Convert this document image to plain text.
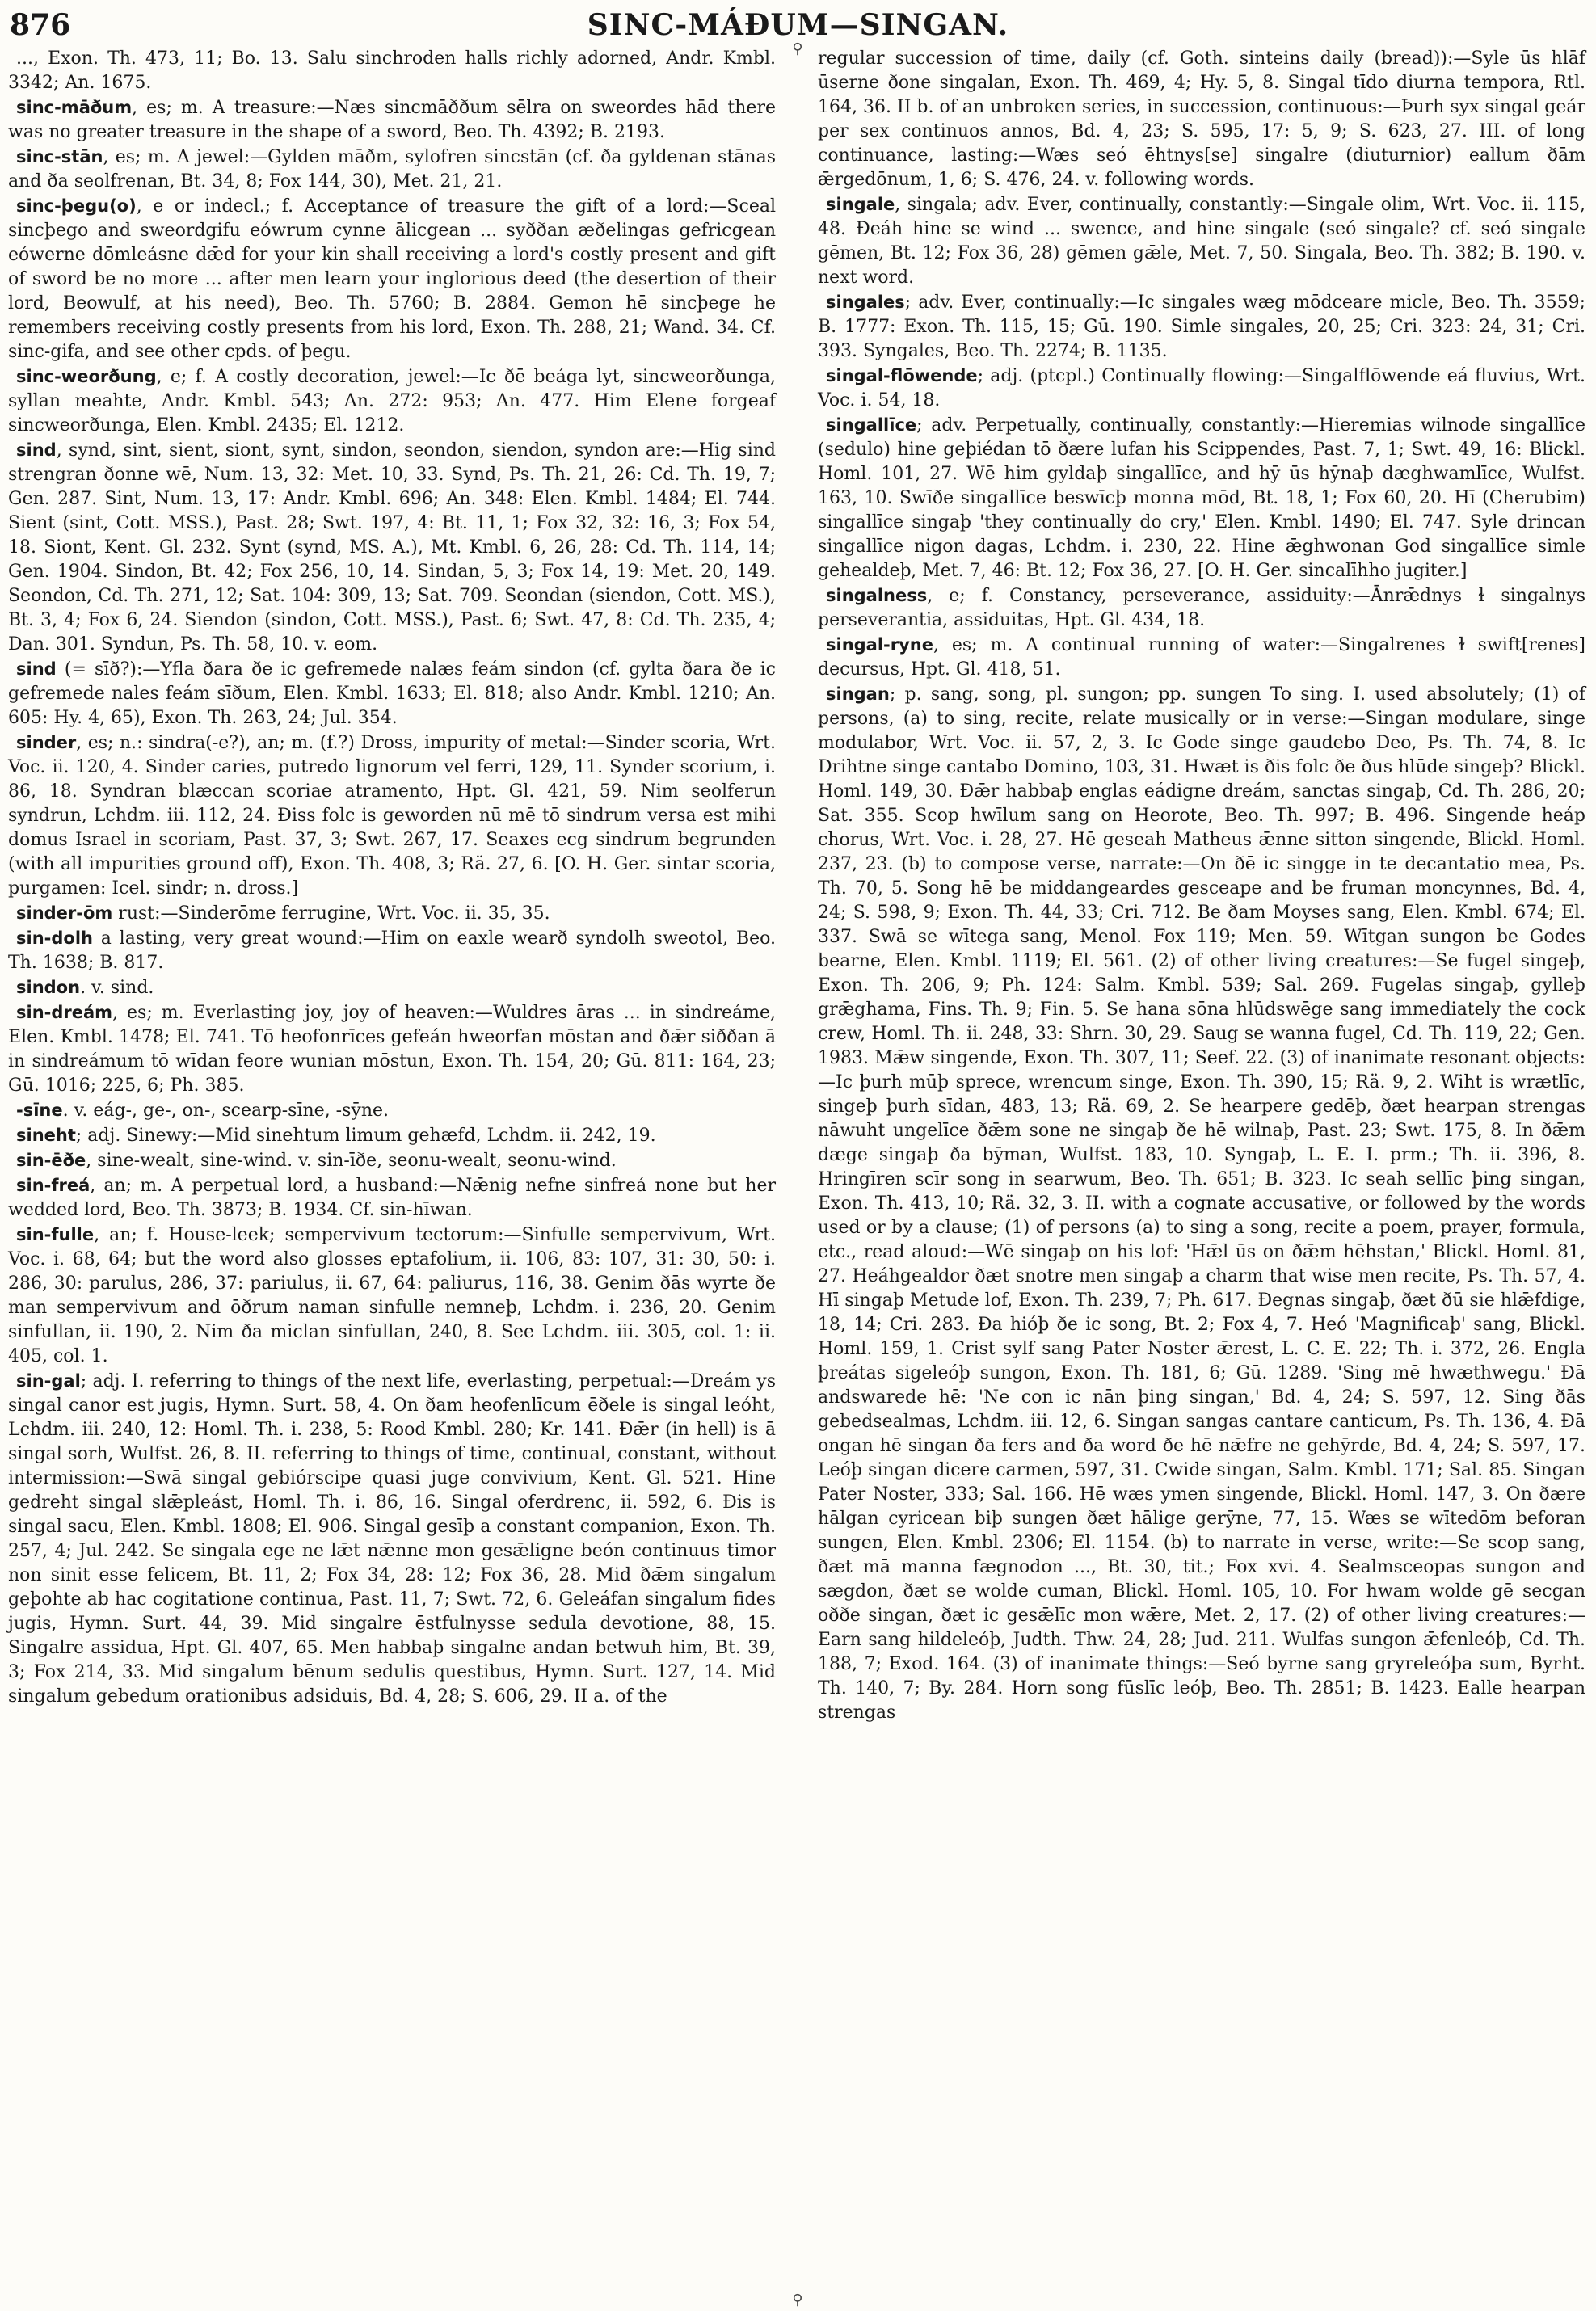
876	SINC-MÁÐUM—SINGAN.

..., Exon. Th. 473, 11; Bo. 13. Salu sinchroden halls richly adorned, Andr. Kmbl. 3342; An. 1675.

sinc-māðum, es; m. A treasure:—Næs sincmāððum sēlra on sweordes hād there was no greater treasure in the shape of a sword, Beo. Th. 4392; B. 2193.

sinc-stān, es; m. A jewel:—Gylden māðm, sylofren sincstān (cf. ða gyldenan stānas and ða seolfrenan, Bt. 34, 8; Fox 144, 30), Met. 21, 21.

sinc-þegu(o), e or indecl.; f. Acceptance of treasure the gift of a lord:—Sceal sincþego and sweordgifu eówrum cynne ālicgean ... syððan æðelingas gefricgean eówerne dōmleásne dǣd for your kin shall receiving a lord's costly present and gift of sword be no more ... after men learn your inglorious deed (the desertion of their lord, Beowulf, at his need), Beo. Th. 5760; B. 2884. Gemon hē sincþege he remembers receiving costly presents from his lord, Exon. Th. 288, 21; Wand. 34. Cf. sinc-gifa, and see other cpds. of þegu.

sinc-weorðung, e; f. A costly decoration, jewel:—Ic ðē beága lyt, sincweorðunga, syllan meahte, Andr. Kmbl. 543; An. 272: 953; An. 477. Him Elene forgeaf sincweorðunga, Elen. Kmbl. 2435; El. 1212.

sind, synd, sint, sient, siont, synt, sindon, seondon, siendon, syndon are:—Hig sind strengran ðonne wē, Num. 13, 32: Met. 10, 33. Synd, Ps. Th. 21, 26: Cd. Th. 19, 7; Gen. 287. Sint, Num. 13, 17: Andr. Kmbl. 696; An. 348: Elen. Kmbl. 1484; El. 744. Sient (sint, Cott. MSS.), Past. 28; Swt. 197, 4: Bt. 11, 1; Fox 32, 32: 16, 3; Fox 54, 18. Siont, Kent. Gl. 232. Synt (synd, MS. A.), Mt. Kmbl. 6, 26, 28: Cd. Th. 114, 14; Gen. 1904. Sindon, Bt. 42; Fox 256, 10, 14. Sindan, 5, 3; Fox 14, 19: Met. 20, 149. Seondon, Cd. Th. 271, 12; Sat. 104: 309, 13; Sat. 709. Seondan (siendon, Cott. MS.), Bt. 3, 4; Fox 6, 24. Siendon (sindon, Cott. MSS.), Past. 6; Swt. 47, 8: Cd. Th. 235, 4; Dan. 301. Syndun, Ps. Th. 58, 10. v. eom.

sind (= sīð?):—Yfla ðara ðe ic gefremede nalæs feám sindon (cf. gylta ðara ðe ic gefremede nales feám sīðum, Elen. Kmbl. 1633; El. 818; also Andr. Kmbl. 1210; An. 605: Hy. 4, 65), Exon. Th. 263, 24; Jul. 354.

sinder, es; n.: sindra(-e?), an; m. (f.?) Dross, impurity of metal:—Sinder scoria, Wrt. Voc. ii. 120, 4. Sinder caries, putredo lignorum vel ferri, 129, 11. Synder scorium, i. 86, 18. Syndran blæccan scoriae atramento, Hpt. Gl. 421, 59. Nim seolferun syndrun, Lchdm. iii. 112, 24. Ðiss folc is geworden nū mē tō sindrum versa est mihi domus Israel in scoriam, Past. 37, 3; Swt. 267, 17. Seaxes ecg sindrum begrunden (with all impurities ground off), Exon. Th. 408, 3; Rä. 27, 6. [O. H. Ger. sintar scoria, purgamen: Icel. sindr; n. dross.]

sinder-ōm rust:—Sinderōme ferrugine, Wrt. Voc. ii. 35, 35.

sin-dolh a lasting, very great wound:—Him on eaxle wearð syndolh sweotol, Beo. Th. 1638; B. 817.

sindon. v. sind.

sin-dreám, es; m. Everlasting joy, joy of heaven:—Wuldres āras ... in sindreáme, Elen. Kmbl. 1478; El. 741. Tō heofonrīces gefeán hweorfan mōstan and ðǣr siððan ā in sindreámum tō wīdan feore wunian mōstun, Exon. Th. 154, 20; Gū. 811: 164, 23; Gū. 1016; 225, 6; Ph. 385.

-sīne. v. eág-, ge-, on-, scearp-sīne, -sȳne.

sineht; adj. Sinewy:—Mid sinehtum limum gehæfd, Lchdm. ii. 242, 19.

sin-ēðe, sine-wealt, sine-wind. v. sin-īðe, seonu-wealt, seonu-wind.

sin-freá, an; m. A perpetual lord, a husband:—Nǣnig nefne sinfreá none but her wedded lord, Beo. Th. 3873; B. 1934. Cf. sin-hīwan.

sin-fulle, an; f. House-leek; sempervivum tectorum:—Sinfulle sempervivum, Wrt. Voc. i. 68, 64; but the word also glosses eptafolium, ii. 106, 83: 107, 31: 30, 50: i. 286, 30: parulus, 286, 37: pariulus, ii. 67, 64: paliurus, 116, 38. Genim ðās wyrte ðe man sempervivum and ōðrum naman sinfulle nemneþ, Lchdm. i. 236, 20. Genim sinfullan, ii. 190, 2. Nim ða miclan sinfullan, 240, 8. See Lchdm. iii. 305, col. 1: ii. 405, col. 1.

sin-gal; adj. I. referring to things of the next life, everlasting, perpetual:—Dreám ys singal canor est jugis, Hymn. Surt. 58, 4. On ðam heofenlīcum ēðele is singal leóht, Lchdm. iii. 240, 12: Homl. Th. i. 238, 5: Rood Kmbl. 280; Kr. 141. Ðǣr (in hell) is ā singal sorh, Wulfst. 26, 8. II. referring to things of time, continual, constant, without intermission:—Swā singal gebiórscipe quasi juge convivium, Kent. Gl. 521. Hine gedreht singal slǣpleást, Homl. Th. i. 86, 16. Singal oferdrenc, ii. 592, 6. Ðis is singal sacu, Elen. Kmbl. 1808; El. 906. Singal gesīþ a constant companion, Exon. Th. 257, 4; Jul. 242. Se singala ege ne lǣt nǣnne mon gesǣligne beón continuus timor non sinit esse felicem, Bt. 11, 2; Fox 34, 28: 12; Fox 36, 28. Mid ðǣm singalum geþohte ab hac cogitatione continua, Past. 11, 7; Swt. 72, 6. Geleáfan singalum fides jugis, Hymn. Surt. 44, 39. Mid singalre ēstfulnysse sedula devotione, 88, 15. Singalre assidua, Hpt. Gl. 407, 65. Men habbaþ singalne andan betwuh him, Bt. 39, 3; Fox 214, 33. Mid singalum bēnum sedulis questibus, Hymn. Surt. 127, 14. Mid singalum gebedum orationibus adsiduis, Bd. 4, 28; S. 606, 29. II a. of the

⚲
⚲

regular succession of time, daily (cf. Goth. sinteins daily (bread)):—Syle ūs hlāf ūserne ðone singalan, Exon. Th. 469, 4; Hy. 5, 8. Singal tīdo diurna tempora, Rtl. 164, 36. II b. of an unbroken series, in succession, continuous:—Þurh syx singal geár per sex continuos annos, Bd. 4, 23; S. 595, 17: 5, 9; S. 623, 27. III. of long continuance, lasting:—Wæs seó ēhtnys[se] singalre (diuturnior) eallum ðām ǣrgedōnum, 1, 6; S. 476, 24. v. following words.

singale, singala; adv. Ever, continually, constantly:—Singale olim, Wrt. Voc. ii. 115, 48. Ðeáh hine se wind ... swence, and hine singale (seó singale? cf. seó singale gēmen, Bt. 12; Fox 36, 28) gēmen gǣle, Met. 7, 50. Singala, Beo. Th. 382; B. 190. v. next word.

singales; adv. Ever, continually:—Ic singales wæg mōdceare micle, Beo. Th. 3559; B. 1777: Exon. Th. 115, 15; Gū. 190. Simle singales, 20, 25; Cri. 323: 24, 31; Cri. 393. Syngales, Beo. Th. 2274; B. 1135.

singal-flōwende; adj. (ptcpl.) Continually flowing:—Singalflōwende eá fluvius, Wrt. Voc. i. 54, 18.

singallīce; adv. Perpetually, continually, constantly:—Hieremias wilnode singallīce (sedulo) hine geþiédan tō ðære lufan his Scippendes, Past. 7, 1; Swt. 49, 16: Blickl. Homl. 101, 27. Wē him gyldaþ singallīce, and hȳ ūs hȳnaþ dæghwamlīce, Wulfst. 163, 10. Swīðe singallīce beswīcþ monna mōd, Bt. 18, 1; Fox 60, 20. Hī (Cherubim) singallīce singaþ 'they continually do cry,' Elen. Kmbl. 1490; El. 747. Syle drincan singallīce nigon dagas, Lchdm. i. 230, 22. Hine ǣghwonan God singallīce simle gehealdeþ, Met. 7, 46: Bt. 12; Fox 36, 27. [O. H. Ger. sincalīhho jugiter.]

singalness, e; f. Constancy, perseverance, assiduity:—Ānrǣdnys ɫ singalnys perseverantia, assiduitas, Hpt. Gl. 434, 18.

singal-ryne, es; m. A continual running of water:—Singalrenes ɫ swift[renes] decursus, Hpt. Gl. 418, 51.

singan; p. sang, song, pl. sungon; pp. sungen To sing. I. used absolutely; (1) of persons, (a) to sing, recite, relate musically or in verse:—Singan modulare, singe modulabor, Wrt. Voc. ii. 57, 2, 3. Ic Gode singe gaudebo Deo, Ps. Th. 74, 8. Ic Drihtne singe cantabo Domino, 103, 31. Hwæt is ðis folc ðe ðus hlūde singeþ? Blickl. Homl. 149, 30. Ðǣr habbaþ englas eádigne dreám, sanctas singaþ, Cd. Th. 286, 20; Sat. 355. Scop hwīlum sang on Heorote, Beo. Th. 997; B. 496. Singende heáp chorus, Wrt. Voc. i. 28, 27. Hē geseah Matheus ǣnne sitton singende, Blickl. Homl. 237, 23. (b) to compose verse, narrate:—On ðē ic singge in te decantatio mea, Ps. Th. 70, 5. Song hē be middangeardes gesceape and be fruman moncynnes, Bd. 4, 24; S. 598, 9; Exon. Th. 44, 33; Cri. 712. Be ðam Moyses sang, Elen. Kmbl. 674; El. 337. Swā se wītega sang, Menol. Fox 119; Men. 59. Wītgan sungon be Godes bearne, Elen. Kmbl. 1119; El. 561. (2) of other living creatures:—Se fugel singeþ, Exon. Th. 206, 9; Ph. 124: Salm. Kmbl. 539; Sal. 269. Fugelas singaþ, gylleþ grǣghama, Fins. Th. 9; Fin. 5. Se hana sōna hlūdswēge sang immediately the cock crew, Homl. Th. ii. 248, 33: Shrn. 30, 29. Saug se wanna fugel, Cd. Th. 119, 22; Gen. 1983. Mǣw singende, Exon. Th. 307, 11; Seef. 22. (3) of inanimate resonant objects:—Ic þurh mūþ sprece, wrencum singe, Exon. Th. 390, 15; Rä. 9, 2. Wiht is wrætlīc, singeþ þurh sīdan, 483, 13; Rä. 69, 2. Se hearpere gedēþ, ðæt hearpan strengas nāwuht ungelīce ðǣm sone ne singaþ ðe hē wilnaþ, Past. 23; Swt. 175, 8. In ðǣm dæge singaþ ða bȳman, Wulfst. 183, 10. Syngaþ, L. E. I. prm.; Th. ii. 396, 8. Hringīren scīr song in searwum, Beo. Th. 651; B. 323. Ic seah sellīc þing singan, Exon. Th. 413, 10; Rä. 32, 3. II. with a cognate accusative, or followed by the words used or by a clause; (1) of persons (a) to sing a song, recite a poem, prayer, formula, etc., read aloud:—Wē singaþ on his lof: 'Hǣl ūs on ðǣm hēhstan,' Blickl. Homl. 81, 27. Heáhgealdor ðæt snotre men singaþ a charm that wise men recite, Ps. Th. 57, 4. Hī singaþ Metude lof, Exon. Th. 239, 7; Ph. 617. Ðegnas singaþ, ðæt ðū sie hlǣfdige, 18, 14; Cri. 283. Ða hióþ ðe ic song, Bt. 2; Fox 4, 7. Heó 'Magnificaþ' sang, Blickl. Homl. 159, 1. Crist sylf sang Pater Noster ǣrest, L. C. E. 22; Th. i. 372, 26. Engla þreátas sigeleóþ sungon, Exon. Th. 181, 6; Gū. 1289. 'Sing mē hwæthwegu.' Ðā andswarede hē: 'Ne con ic nān þing singan,' Bd. 4, 24; S. 597, 12. Sing ðās gebedsealmas, Lchdm. iii. 12, 6. Singan sangas cantare canticum, Ps. Th. 136, 4. Ðā ongan hē singan ða fers and ða word ðe hē nǣfre ne gehȳrde, Bd. 4, 24; S. 597, 17. Leóþ singan dicere carmen, 597, 31. Cwide singan, Salm. Kmbl. 171; Sal. 85. Singan Pater Noster, 333; Sal. 166. Hē wæs ymen singende, Blickl. Homl. 147, 3. On ðære hālgan cyricean biþ sungen ðæt hālige gerȳne, 77, 15. Wæs se wītedōm beforan sungen, Elen. Kmbl. 2306; El. 1154. (b) to narrate in verse, write:—Se scop sang, ðæt mā manna fægnodon ..., Bt. 30, tit.; Fox xvi. 4. Sealmsceopas sungon and sægdon, ðæt se wolde cuman, Blickl. Homl. 105, 10. For hwam wolde gē secgan oððe singan, ðæt ic gesǣlīc mon wǣre, Met. 2, 17. (2) of other living creatures:—Earn sang hildeleóþ, Judth. Thw. 24, 28; Jud. 211. Wulfas sungon ǣfenleóþ, Cd. Th. 188, 7; Exod. 164. (3) of inanimate things:—Seó byrne sang gryreleóþa sum, Byrht. Th. 140, 7; By. 284. Horn song fūslīc leóþ, Beo. Th. 2851; B. 1423. Ealle hearpan strengas
